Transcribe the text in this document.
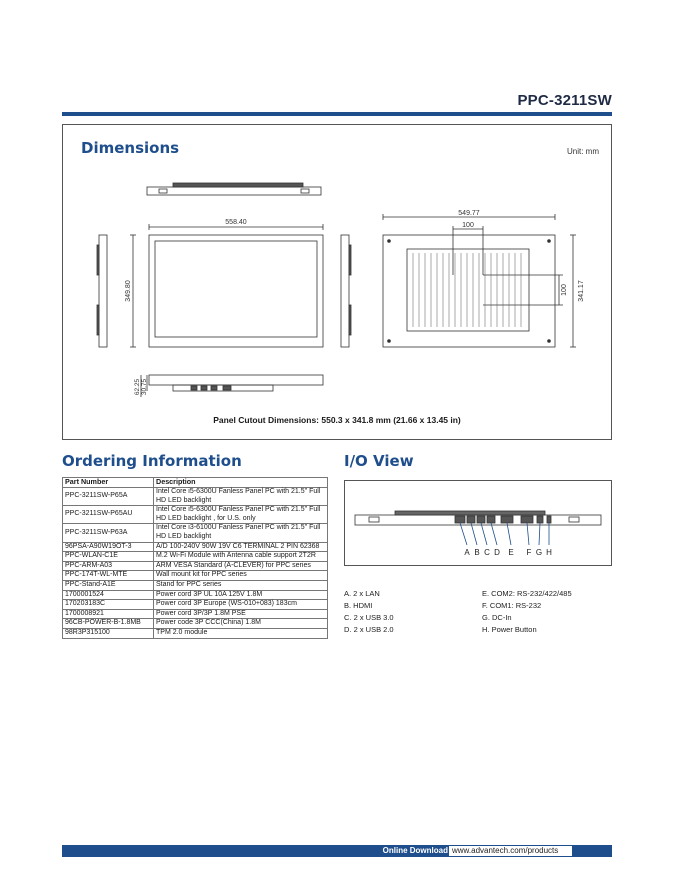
PPC-3211SW
Dimensions	Unit: mm
558.40
349.80
549.77
100
100 341.17
62.25 30.75
Panel Cutout Dimensions: 550.3 x 341.8 mm (21.66 x 13.45 in)
Ordering Information
Part Number	Description
PPC-3211SW-P65A	Intel Core i5-6300U Fanless Panel PC with 21.5" Full HD LED backlight
PPC-3211SW-P65AU	Intel Core i5-6300U Fanless Panel PC with 21.5" Full HD LED backlight , for U.S. only
PPC-3211SW-P63A	Intel Core i3-6100U Fanless Panel PC with 21.5" Full HD LED backlight
96PSA-A90W19OT-3	A/D 100-240V 90W 19V C6 TERMINAL 2 PIN 62368
PPC-WLAN-C1E	M.2 Wi-Fi Module with Antenna cable support 2T2R
PPC-ARM-A03	ARM VESA Standard (A-CLEVER) for PPC series
PPC-174T-WL-MTE	Wall mount kit for PPC series
PPC-Stand-A1E	Stand for PPC series
1700001524	Power cord 3P UL 10A 125V 1.8M
170203183C	Power cord 3P Europe (WS-010+083) 183cm
1700008921	Power cord 3P/3P 1.8M PSE
96CB-POWER-B-1.8MB	Power code 3P CCC(China) 1.8M
98R3P315100	TPM 2.0 module
I/O View
A B C D E F G H
A. 2 x LAN
B. HDMI
C. 2 x USB 3.0
D. 2 x USB 2.0
E. COM2: RS-232/422/485
F. COM1: RS-232
G. DC-In
H. Power Button
Online Download www.advantech.com/products
